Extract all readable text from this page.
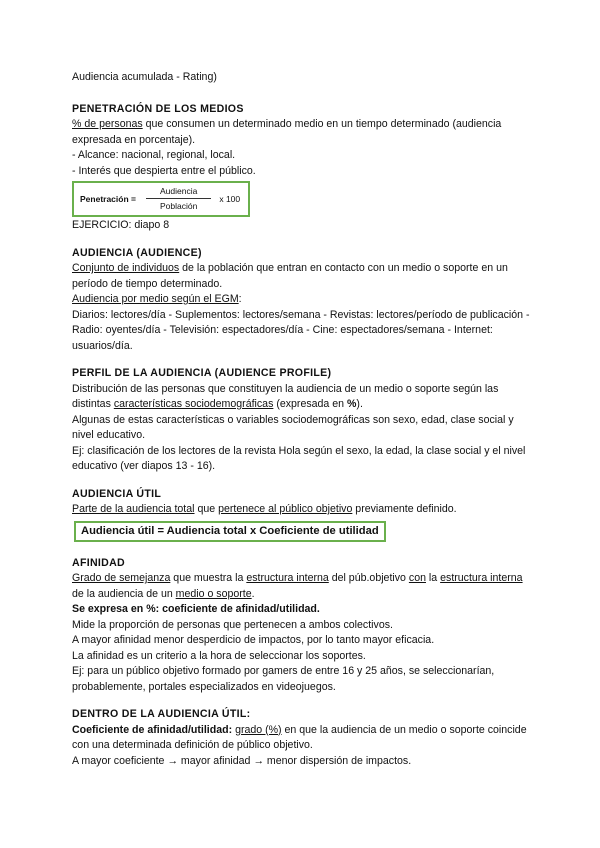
Audiencia acumulada - Rating)

PENETRACIÓN DE LOS MEDIOS

% de personas que consumen un determinado medio en un tiempo determinado (audiencia expresada en porcentaje).

- Alcance: nacional, regional, local.

- Interés que despierta entre el público.

Penetración = $\frac{\text{Audiencia}}{\text{Población}}$ x 100

EJERCICIO: diapo 8

AUDIENCIA (AUDIENCE)

Conjunto de individuos de la población que entran en contacto con un medio o soporte en un período de tiempo determinado.

Audiencia por medio según el EGM:

Diarios: lectores/día - Suplementos: lectores/semana - Revistas: lectores/período de publicación - Radio: oyentes/día - Televisión: espectadores/día - Cine: espectadores/semana - Internet: usuarios/día.

PERFIL DE LA AUDIENCIA (AUDIENCE PROFILE)

Distribución de las personas que constituyen la audiencia de un medio o soporte según las distintas características sociodemográficas (expresada en %).

Algunas de estas características o variables sociodemográficas son sexo, edad, clase social y nivel educativo.

Ej: clasificación de los lectores de la revista Hola según el sexo, la edad, la clase social y el nivel educativo (ver diapos 13 - 16).

AUDIENCIA ÚTIL

Parte de la audiencia total que pertenece al público objetivo previamente definido.

Audiencia útil = Audiencia total x Coeficiente de utilidad
AFINIDAD

Grado de semejanza que muestra la estructura interna del púb.objetivo con la estructura interna de la audiencia de un medio o soporte.

Se expresa en %: coeficiente de afinidad/utilidad.

Mide la proporción de personas que pertenecen a ambos colectivos.

A mayor afinidad menor desperdicio de impactos, por lo tanto mayor eficacia.

La afinidad es un criterio a la hora de seleccionar los soportes.

Ej: para un público objetivo formado por gamers de entre 16 y 25 años, se seleccionarían, probablemente, portales especializados en videojuegos.

DENTRO DE LA AUDIENCIA ÚTIL:

Coeficiente de afinidad/utilidad: grado (%) en que la audiencia de un medio o soporte coincide con una determinada definición de público objetivo.

A mayor coeficiente → mayor afinidad → menor dispersión de impactos.
